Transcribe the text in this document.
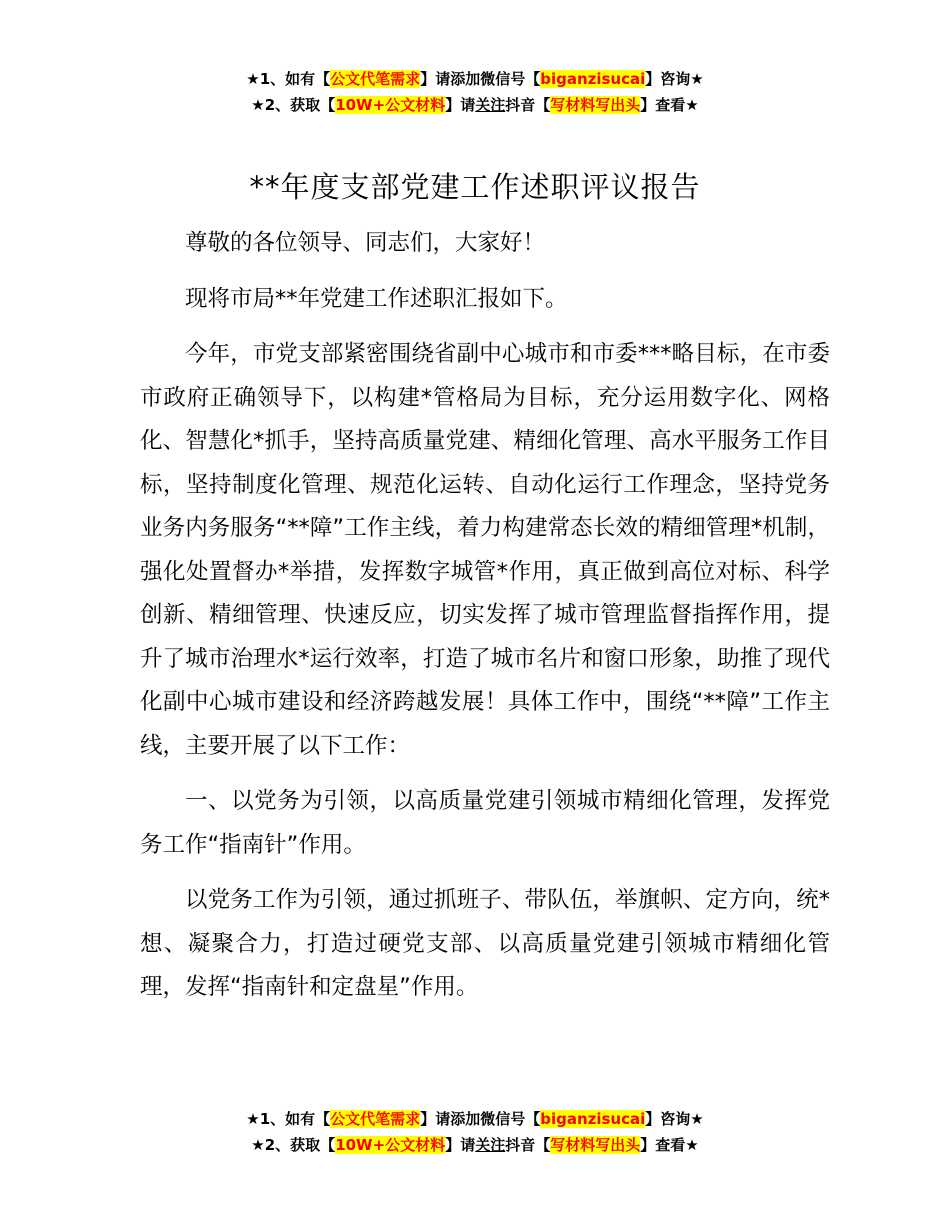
★1、如有【公文代笔需求】请添加微信号【biganzisucai】咨询★
★2、获取【10W+公文材料】请关注抖音【写材料写出头】查看★
**年度支部党建工作述职评议报告

尊敬的各位领导、同志们，大家好！

现将市局**年党建工作述职汇报如下。

今年，市党支部紧密围绕省副中心城市和市委***略目标，在市委市政府正确领导下，以构建*管格局为目标，充分运用数字化、网格化、智慧化*抓手，坚持高质量党建、精细化管理、高水平服务工作目标，坚持制度化管理、规范化运转、自动化运行工作理念，坚持党务业务内务服务“**障”工作主线，着力构建常态长效的精细管理*机制，强化处置督办*举措，发挥数字城管*作用，真正做到高位对标、科学创新、精细管理、快速反应，切实发挥了城市管理监督指挥作用，提升了城市治理水*运行效率，打造了城市名片和窗口形象，助推了现代化副中心城市建设和经济跨越发展！具体工作中，围绕“**障”工作主线，主要开展了以下工作：

一、以党务为引领，以高质量党建引领城市精细化管理，发挥党务工作“指南针”作用。

以党务工作为引领，通过抓班子、带队伍，举旗帜、定方向，统*想、凝聚合力，打造过硬党支部、以高质量党建引领城市精细化管理，发挥“指南针和定盘星”作用。

★1、如有【公文代笔需求】请添加微信号【biganzisucai】咨询★
★2、获取【10W+公文材料】请关注抖音【写材料写出头】查看★
